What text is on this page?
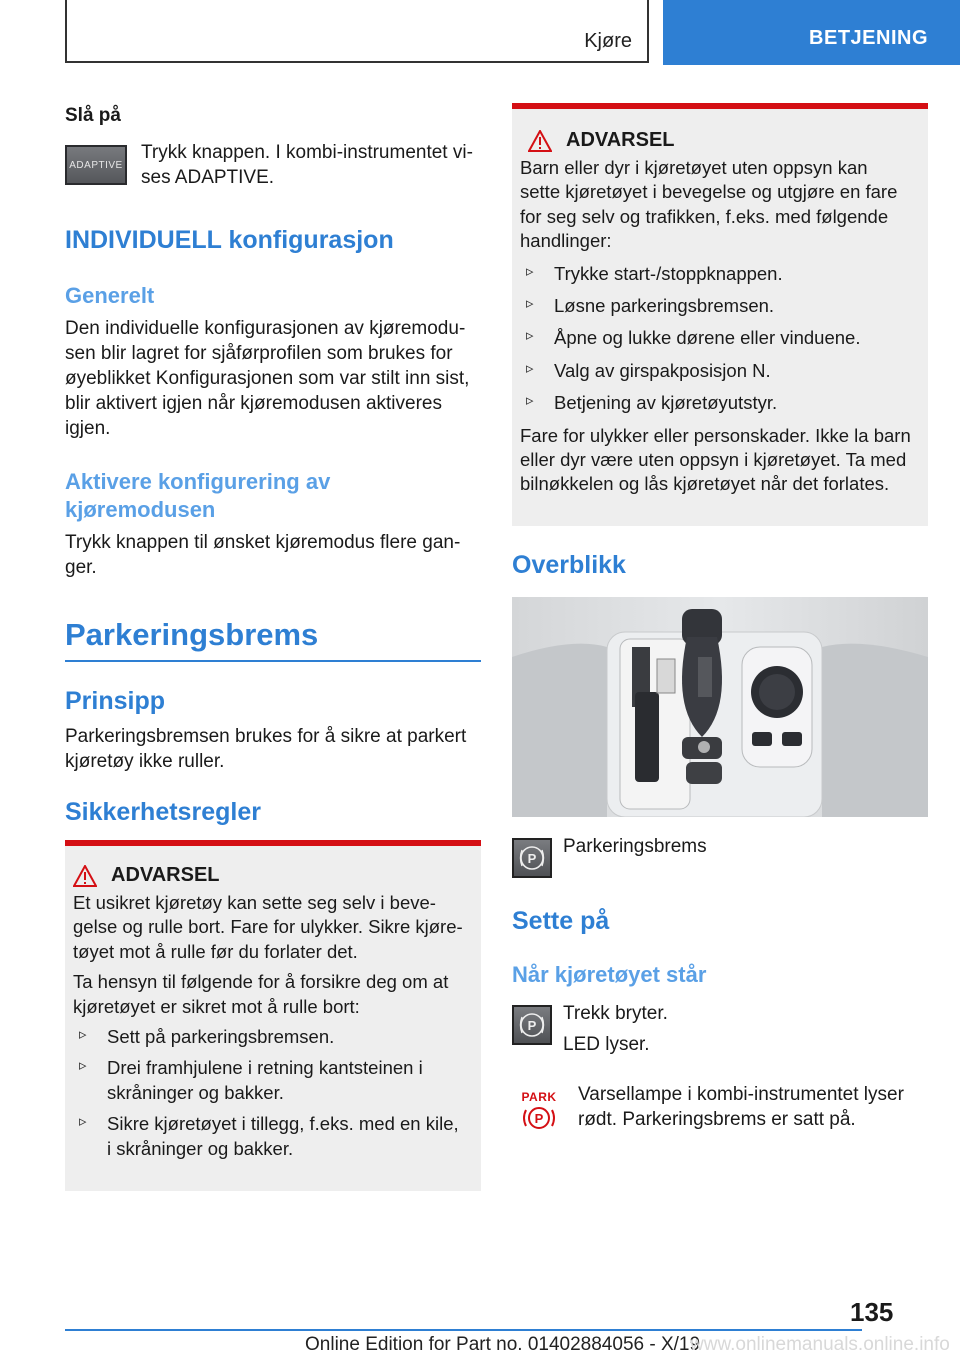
Kjøre	BETJENING
Slå på
ADAPTIVE
Trykk knappen. I kombi-instrumentet vi-
ses ADAPTIVE.
INDIVIDUELL konfigurasjon
Generelt
Den individuelle konfigurasjonen av kjøremodu-
sen blir lagret for sjåførprofilen som brukes for
øyeblikket Konfigurasjonen som var stilt inn sist,
blir aktivert igjen når kjøremodusen aktiveres
igjen.
Aktivere konfigurering av
kjøremodusen
Trykk knappen til ønsket kjøremodus flere gan-
ger.
Parkeringsbrems
Prinsipp
Parkeringsbremsen brukes for å sikre at parkert
kjøretøy ikke ruller.
Sikkerhetsregler
ADVARSEL
Et usikret kjøretøy kan sette seg selv i beve-
gelse og rulle bort. Fare for ulykker. Sikre kjøre-
tøyet mot å rulle før du forlater det.
Ta hensyn til følgende for å forsikre deg om at
kjøretøyet er sikret mot å rulle bort:
▹ Sett på parkeringsbremsen.
▹ Drei framhjulene i retning kantsteinen i
skråninger og bakker.
▹ Sikre kjøretøyet i tillegg, f.eks. med en kile,
i skråninger og bakker.
ADVARSEL
Barn eller dyr i kjøretøyet uten oppsyn kan
sette kjøretøyet i bevegelse og utgjøre en fare
for seg selv og trafikken, f.eks. med følgende
handlinger:
▹ Trykke start-/stoppknappen.
▹ Løsne parkeringsbremsen.
▹ Åpne og lukke dørene eller vinduene.
▹ Valg av girspakposisjon N.
▹ Betjening av kjøretøyutstyr.
Fare for ulykker eller personskader. Ikke la barn
eller dyr være uten oppsyn i kjøretøyet. Ta med
bilnøkkelen og lås kjøretøyet når det forlates.
Overblikk
P
Parkeringsbrems
Sette på
Når kjøretøyet står
P
Trekk bryter.
LED lyser.
PARK
P
Varsellampe i kombi-instrumentet lyser
rødt. Parkeringsbrems er satt på.
135
Online Edition for Part no. 01402884056 - X/19
www.onlinemanuals.online.info
